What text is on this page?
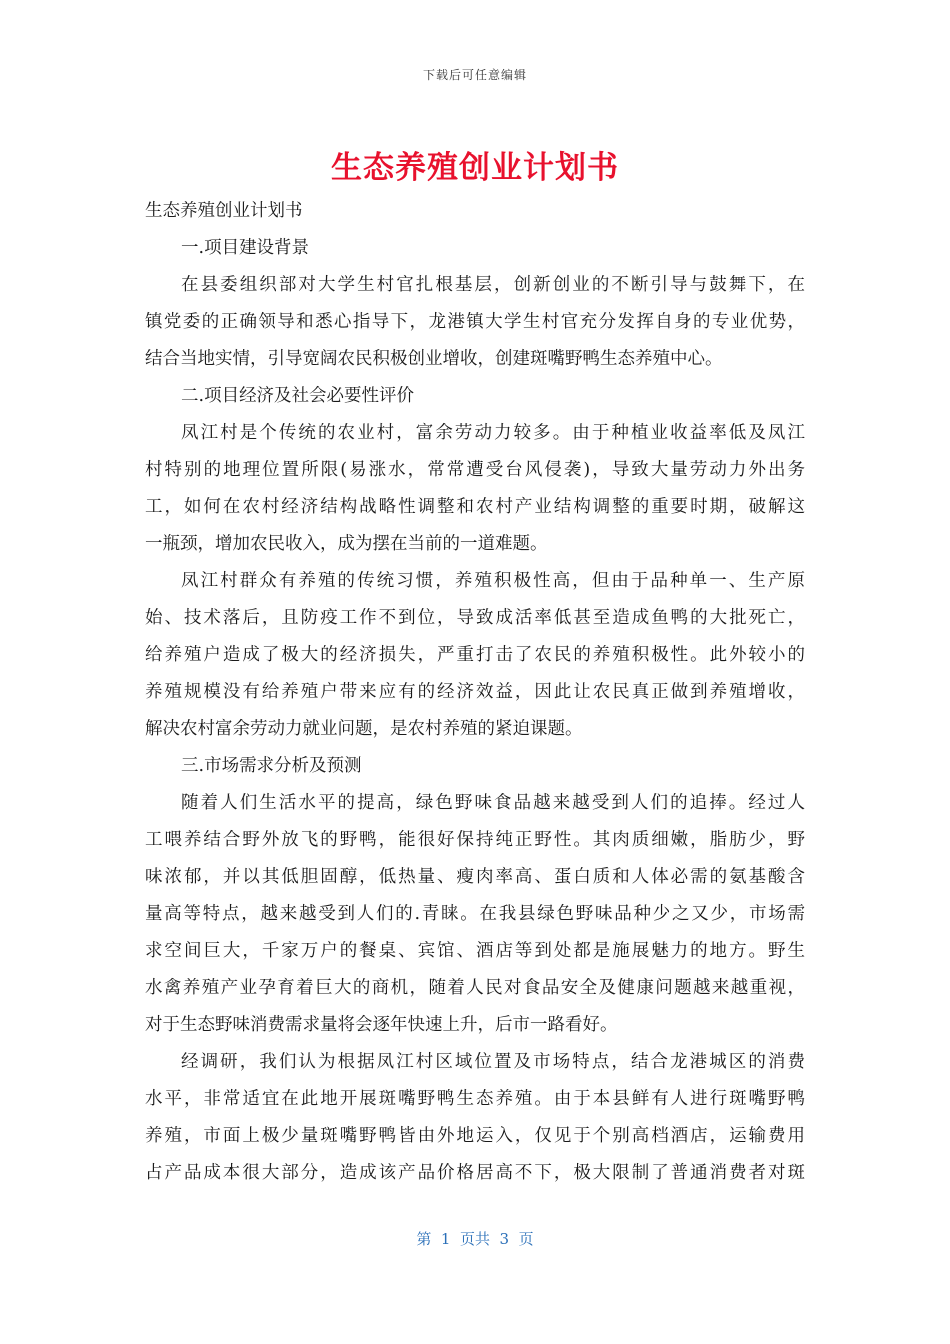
下载后可任意编辑
生态养殖创业计划书
生态养殖创业计划书
一.项目建设背景
在县委组织部对大学生村官扎根基层，创新创业的不断引导与鼓舞下，在
镇党委的正确领导和悉心指导下，龙港镇大学生村官充分发挥自身的专业优势，
结合当地实情，引导宽阔农民积极创业增收，创建斑嘴野鸭生态养殖中心。
二.项目经济及社会必要性评价
凤江村是个传统的农业村，富余劳动力较多。由于种植业收益率低及凤江
村特别的地理位置所限(易涨水，常常遭受台风侵袭)，导致大量劳动力外出务
工，如何在农村经济结构战略性调整和农村产业结构调整的重要时期，破解这
一瓶颈，增加农民收入，成为摆在当前的一道难题。
凤江村群众有养殖的传统习惯，养殖积极性高，但由于品种单一、生产原
始、技术落后，且防疫工作不到位，导致成活率低甚至造成鱼鸭的大批死亡，
给养殖户造成了极大的经济损失，严重打击了农民的养殖积极性。此外较小的
养殖规模没有给养殖户带来应有的经济效益，因此让农民真正做到养殖增收，
解决农村富余劳动力就业问题，是农村养殖的紧迫课题。
三.市场需求分析及预测
随着人们生活水平的提高，绿色野味食品越来越受到人们的追捧。经过人
工喂养结合野外放飞的野鸭，能很好保持纯正野性。其肉质细嫩，脂肪少，野
味浓郁，并以其低胆固醇，低热量、瘦肉率高、蛋白质和人体必需的氨基酸含
量高等特点，越来越受到人们的.青睐。在我县绿色野味品种少之又少，市场需
求空间巨大，千家万户的餐桌、宾馆、酒店等到处都是施展魅力的地方。野生
水禽养殖产业孕育着巨大的商机，随着人民对食品安全及健康问题越来越重视，
对于生态野味消费需求量将会逐年快速上升，后市一路看好。
经调研，我们认为根据凤江村区域位置及市场特点，结合龙港城区的消费
水平，非常适宜在此地开展斑嘴野鸭生态养殖。由于本县鲜有人进行斑嘴野鸭
养殖，市面上极少量斑嘴野鸭皆由外地运入，仅见于个别高档酒店，运输费用
占产品成本很大部分，造成该产品价格居高不下，极大限制了普通消费者对斑
第  1  页共  3  页
